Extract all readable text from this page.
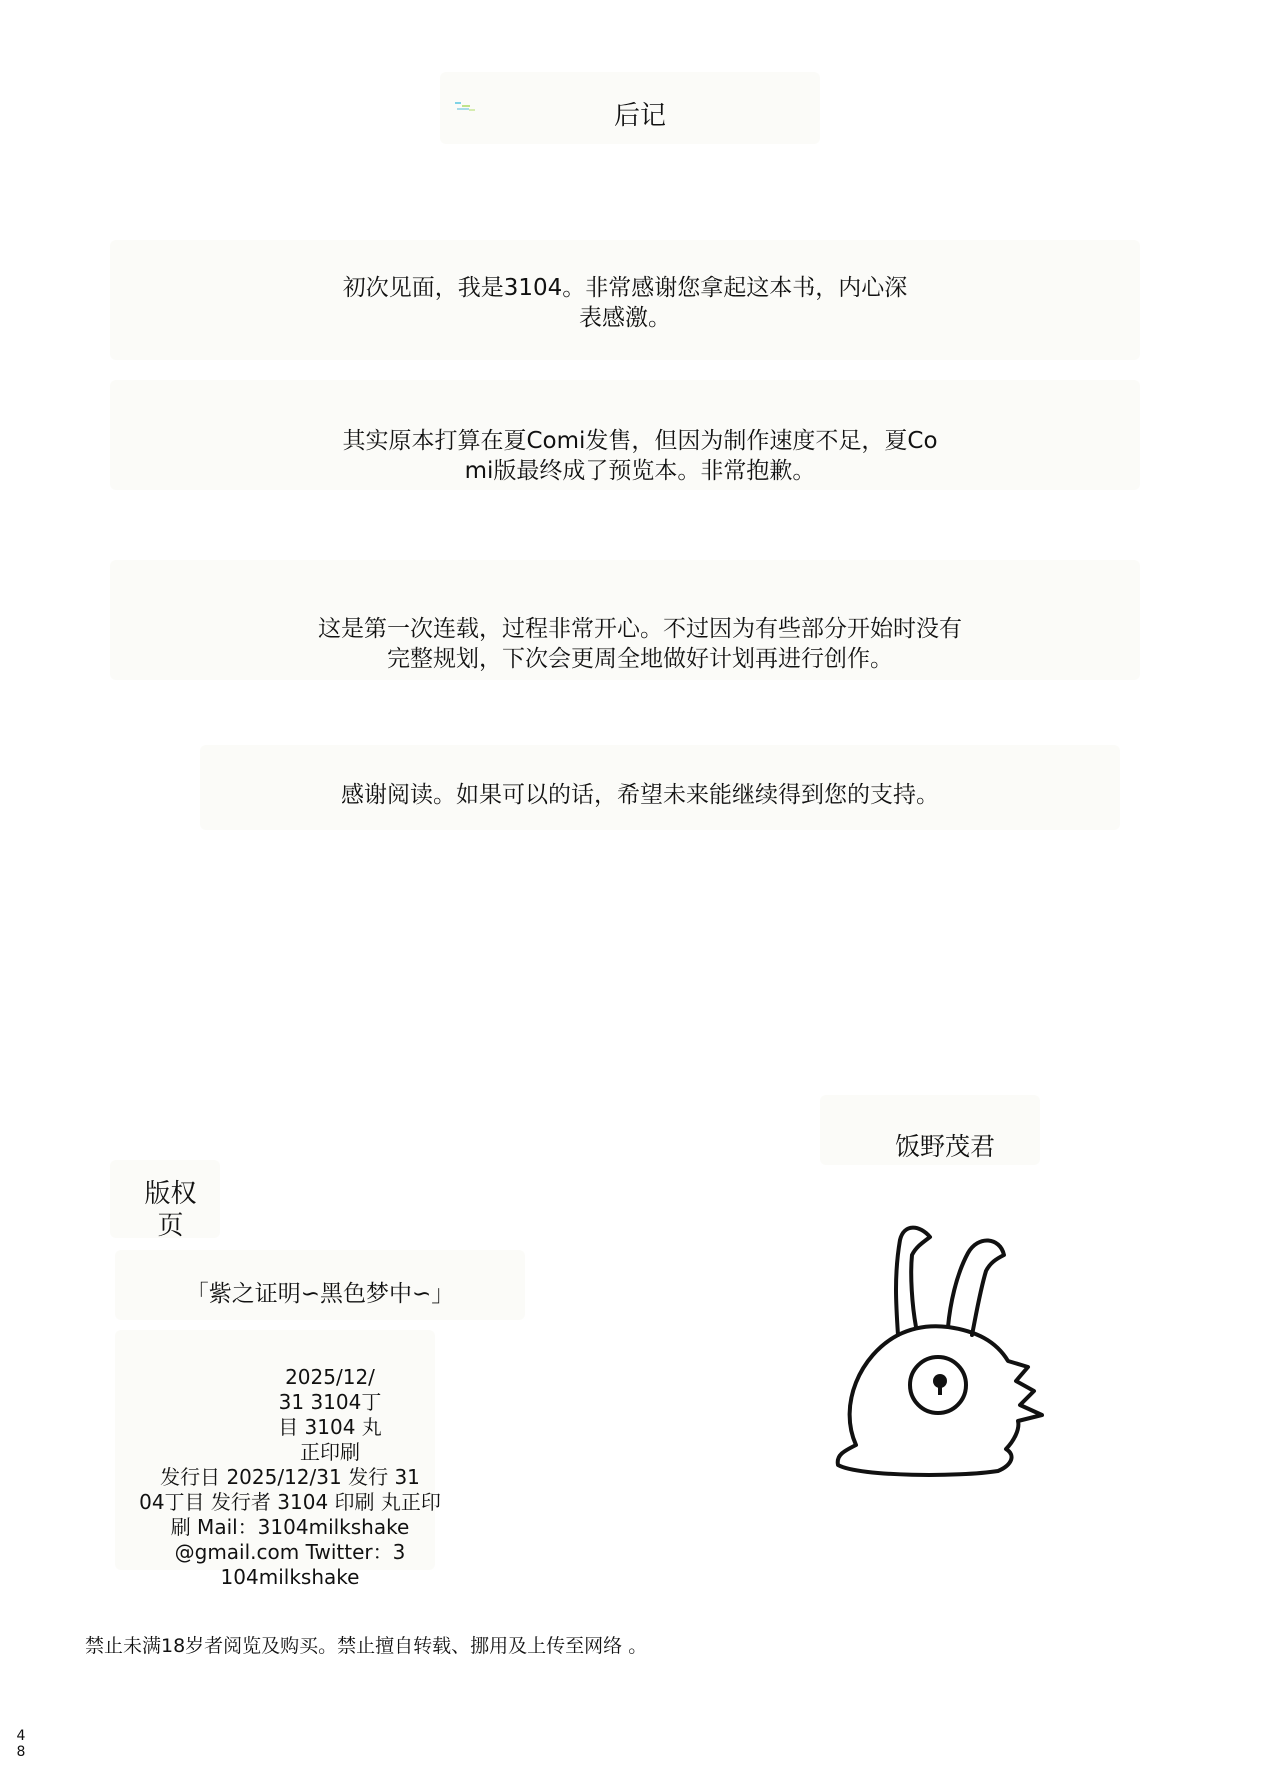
后记
初次见面，我是3104。非常感谢您拿起这本书，内心深
表感激。
其实原本打算在夏Comi发售，但因为制作速度不足，夏Co
mi版最终成了预览本。非常抱歉。
这是第一次连载，过程非常开心。不过因为有些部分开始时没有
完整规划，下次会更周全地做好计划再进行创作。
感谢阅读。如果可以的话，希望未来能继续得到您的支持。
饭野茂君
版权
页
「紫之证明∽黑色梦中∽」
2025/12/
31 3104丁
目 3104 丸
正印刷
发行日 2025/12/31 发行 31
04丁目 发行者 3104 印刷 丸正印
刷 Mail：3104milkshake
@gmail.com Twitter：3
104milkshake
禁止未满18岁者阅览及购买。禁止擅自转载、挪用及上传至网络 。
4
8
